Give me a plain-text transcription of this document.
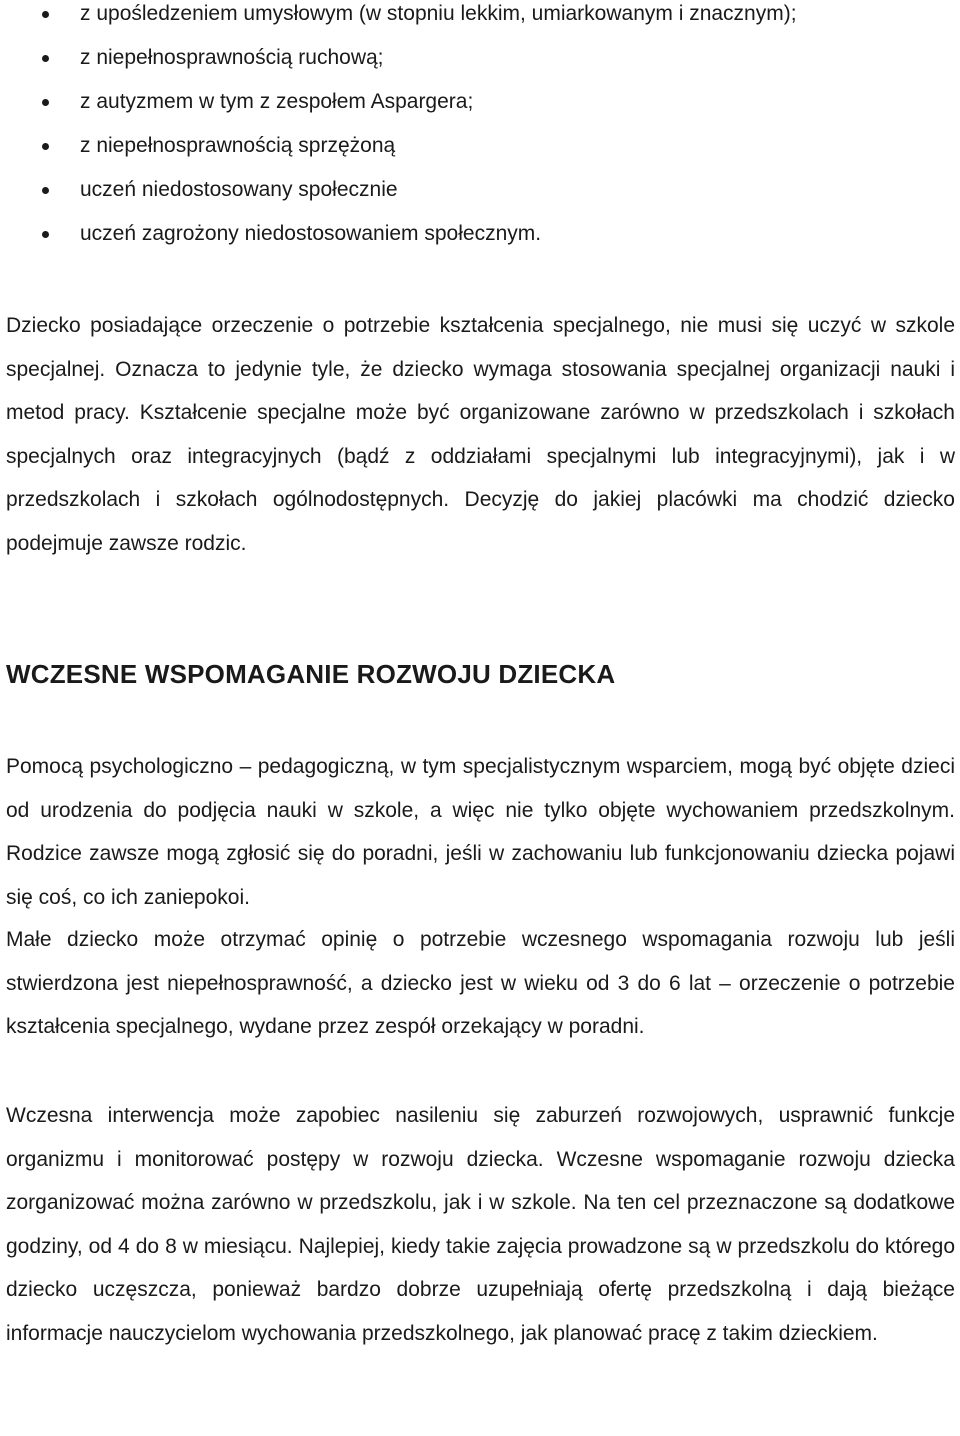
z upośledzeniem umysłowym (w stopniu lekkim, umiarkowanym i znacznym);
z niepełnosprawnością ruchową;
z autyzmem w tym z zespołem Aspargera;
z niepełnosprawnością sprzężoną
uczeń niedostosowany społecznie
uczeń zagrożony niedostosowaniem społecznym.

Dziecko posiadające orzeczenie o potrzebie kształcenia specjalnego, nie musi się uczyć w szkole specjalnej. Oznacza to jedynie tyle, że dziecko wymaga stosowania specjalnej organizacji nauki i metod pracy. Kształcenie specjalne może być organizowane zarówno w przedszkolach i szkołach specjalnych oraz integracyjnych (bądź z oddziałami specjalnymi lub integracyjnymi), jak i w przedszkolach i szkołach ogólnodostępnych. Decyzję do jakiej placówki ma chodzić dziecko podejmuje zawsze rodzic.

WCZESNE WSPOMAGANIE ROZWOJU DZIECKA

Pomocą psychologiczno – pedagogiczną, w tym specjalistycznym wsparciem, mogą być objęte dzieci od urodzenia do podjęcia nauki w szkole, a więc nie tylko objęte wychowaniem przedszkolnym. Rodzice zawsze mogą zgłosić się do poradni, jeśli w zachowaniu lub funkcjonowaniu dziecka pojawi się coś, co ich zaniepokoi.

Małe dziecko może otrzymać opinię o potrzebie wczesnego wspomagania rozwoju lub jeśli stwierdzona jest niepełnosprawność, a dziecko jest w wieku od 3 do 6 lat – orzeczenie o potrzebie kształcenia specjalnego, wydane przez zespół orzekający w poradni.

Wczesna interwencja może zapobiec nasileniu się zaburzeń rozwojowych, usprawnić funkcje organizmu i monitorować postępy w rozwoju dziecka. Wczesne wspomaganie rozwoju dziecka zorganizować można zarówno w przedszkolu, jak i w szkole. Na ten cel przeznaczone są dodatkowe godziny, od 4 do 8 w miesiącu. Najlepiej, kiedy takie zajęcia prowadzone są w przedszkolu do którego dziecko uczęszcza, ponieważ bardzo dobrze uzupełniają ofertę przedszkolną i dają bieżące informacje nauczycielom wychowania przedszkolnego, jak planować pracę z takim dzieckiem.
